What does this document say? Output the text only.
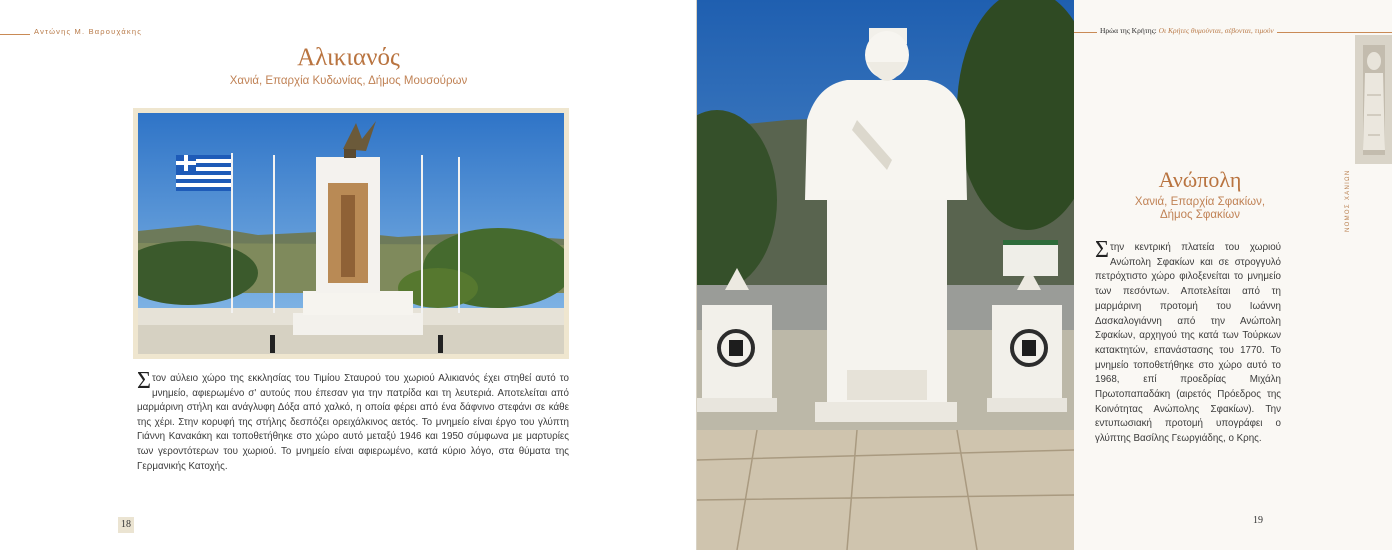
Αντώνης Μ. Βαρουχάκης
Αλικιανός
Χανιά, Επαρχία Κυδωνίας, Δήμος Μουσούρων
Στον αύλειο χώρο της εκκλησίας του Τιμίου Σταυρού του χωριού Αλικιανός έχει στηθεί αυτό το μνημείο, αφιερωμένο σ' αυτούς που έπεσαν για την πατρίδα και τη λευτεριά. Αποτελείται από μαρμάρινη στήλη και ανάγλυφη Δόξα από χαλκό, η οποία φέρει από ένα δάφνινο στεφάνι σε κάθε της χέρι. Στην κορυφή της στήλης δεσπόζει ορειχάλκινος αετός. Το μνημείο είναι έργο του γλύπτη Γιάννη Κανακάκη και τοποθετήθηκε στο χώρο αυτό μεταξύ 1946 και 1950 σύμφωνα με μαρτυρίες των γεροντότερων του χωριού. Το μνημείο είναι αφιερωμένο, κατά κύριο λόγο, στα θύματα της Γερμανικής Κατοχής.
18
Ηρώα της Κρήτης: Οι Κρήτες θυμούνται, σέβονται, τιμούν
ΝΟΜΟΣ ΧΑΝΙΩΝ
Ανώπολη
Χανιά, Επαρχία Σφακίων,
Δήμος Σφακίων
Στην κεντρική πλατεία του χωριού Ανώπολη Σφακίων και σε στρογγυλό πετρόχτιστο χώρο φιλοξενείται το μνημείο των πεσόντων. Αποτελείται από τη μαρμάρινη προτομή του Ιωάννη Δασκαλογιάννη από την Ανώπολη Σφακίων, αρχηγού της κατά των Τούρκων κατακτητών, επανάστασης του 1770. Το μνημείο τοποθετήθηκε στο χώρο αυτό το 1968, επί προεδρίας Μιχάλη Πρωτοπαπαδάκη (αιρετός Πρόεδρος της Κοινότητας Ανώπολης Σφακίων). Την εντυπωσιακή προτομή υπογράφει ο γλύπτης Βασίλης Γεωργιάδης, ο Κρης.
19
